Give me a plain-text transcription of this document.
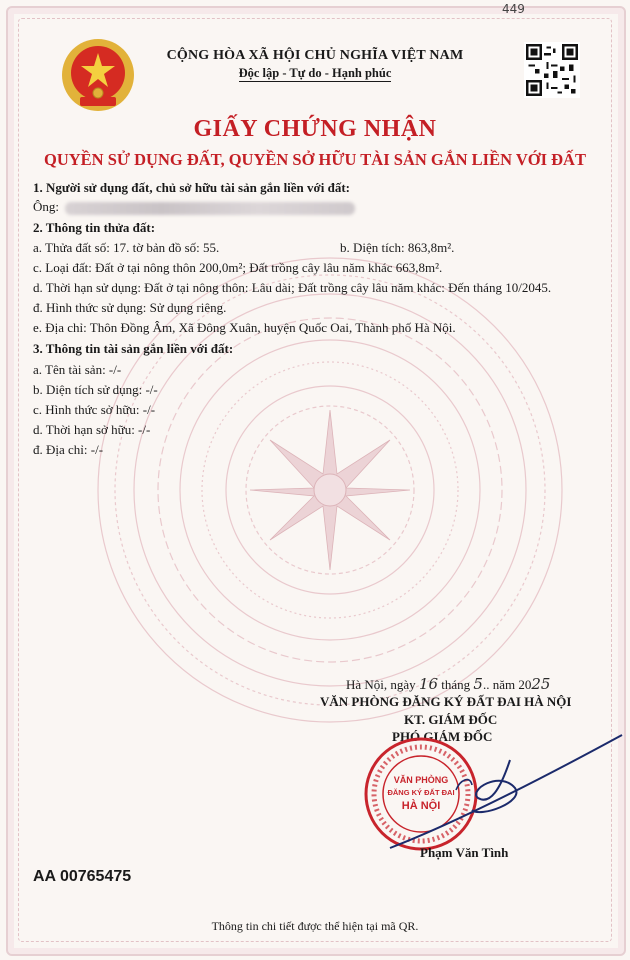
449
CỘNG HÒA XÃ HỘI CHỦ NGHĨA VIỆT NAM
Độc lập - Tự do - Hạnh phúc
GIẤY CHỨNG NHẬN
QUYỀN SỬ DỤNG ĐẤT, QUYỀN SỞ HỮU TÀI SẢN GẮN LIỀN VỚI ĐẤT
1. Người sử dụng đất, chủ sở hữu tài sản gắn liền với đất:
Ông:
2. Thông tin thửa đất:
a. Thửa đất số: 17. tờ bản đồ số: 55.	b. Diện tích: 863,8m².
c. Loại đất: Đất ở tại nông thôn 200,0m²; Đất trồng cây lâu năm khác 663,8m².
d. Thời hạn sử dụng: Đất ở tại nông thôn: Lâu dài; Đất trồng cây lâu năm khác: Đến tháng 10/2045.
đ. Hình thức sử dụng: Sử dụng riêng.
e. Địa chỉ: Thôn Đồng Âm, Xã Đông Xuân, huyện Quốc Oai, Thành phố Hà Nội.
3. Thông tin tài sản gắn liền với đất:
a. Tên tài sản: -/-
b. Diện tích sử dụng: -/-
c. Hình thức sở hữu: -/-
d. Thời hạn sở hữu: -/-
đ. Địa chỉ: -/-
Hà Nội, ngày 16 tháng 5.. năm 2025
VĂN PHÒNG ĐĂNG KÝ ĐẤT ĐAI HÀ NỘI
KT. GIÁM ĐỐC
PHÓ GIÁM ĐỐC
VĂN PHÒNG
ĐĂNG KÝ ĐẤT ĐAI
HÀ NỘI
Phạm Văn Tình
AA 00765475
Thông tin chi tiết được thể hiện tại mã QR.
